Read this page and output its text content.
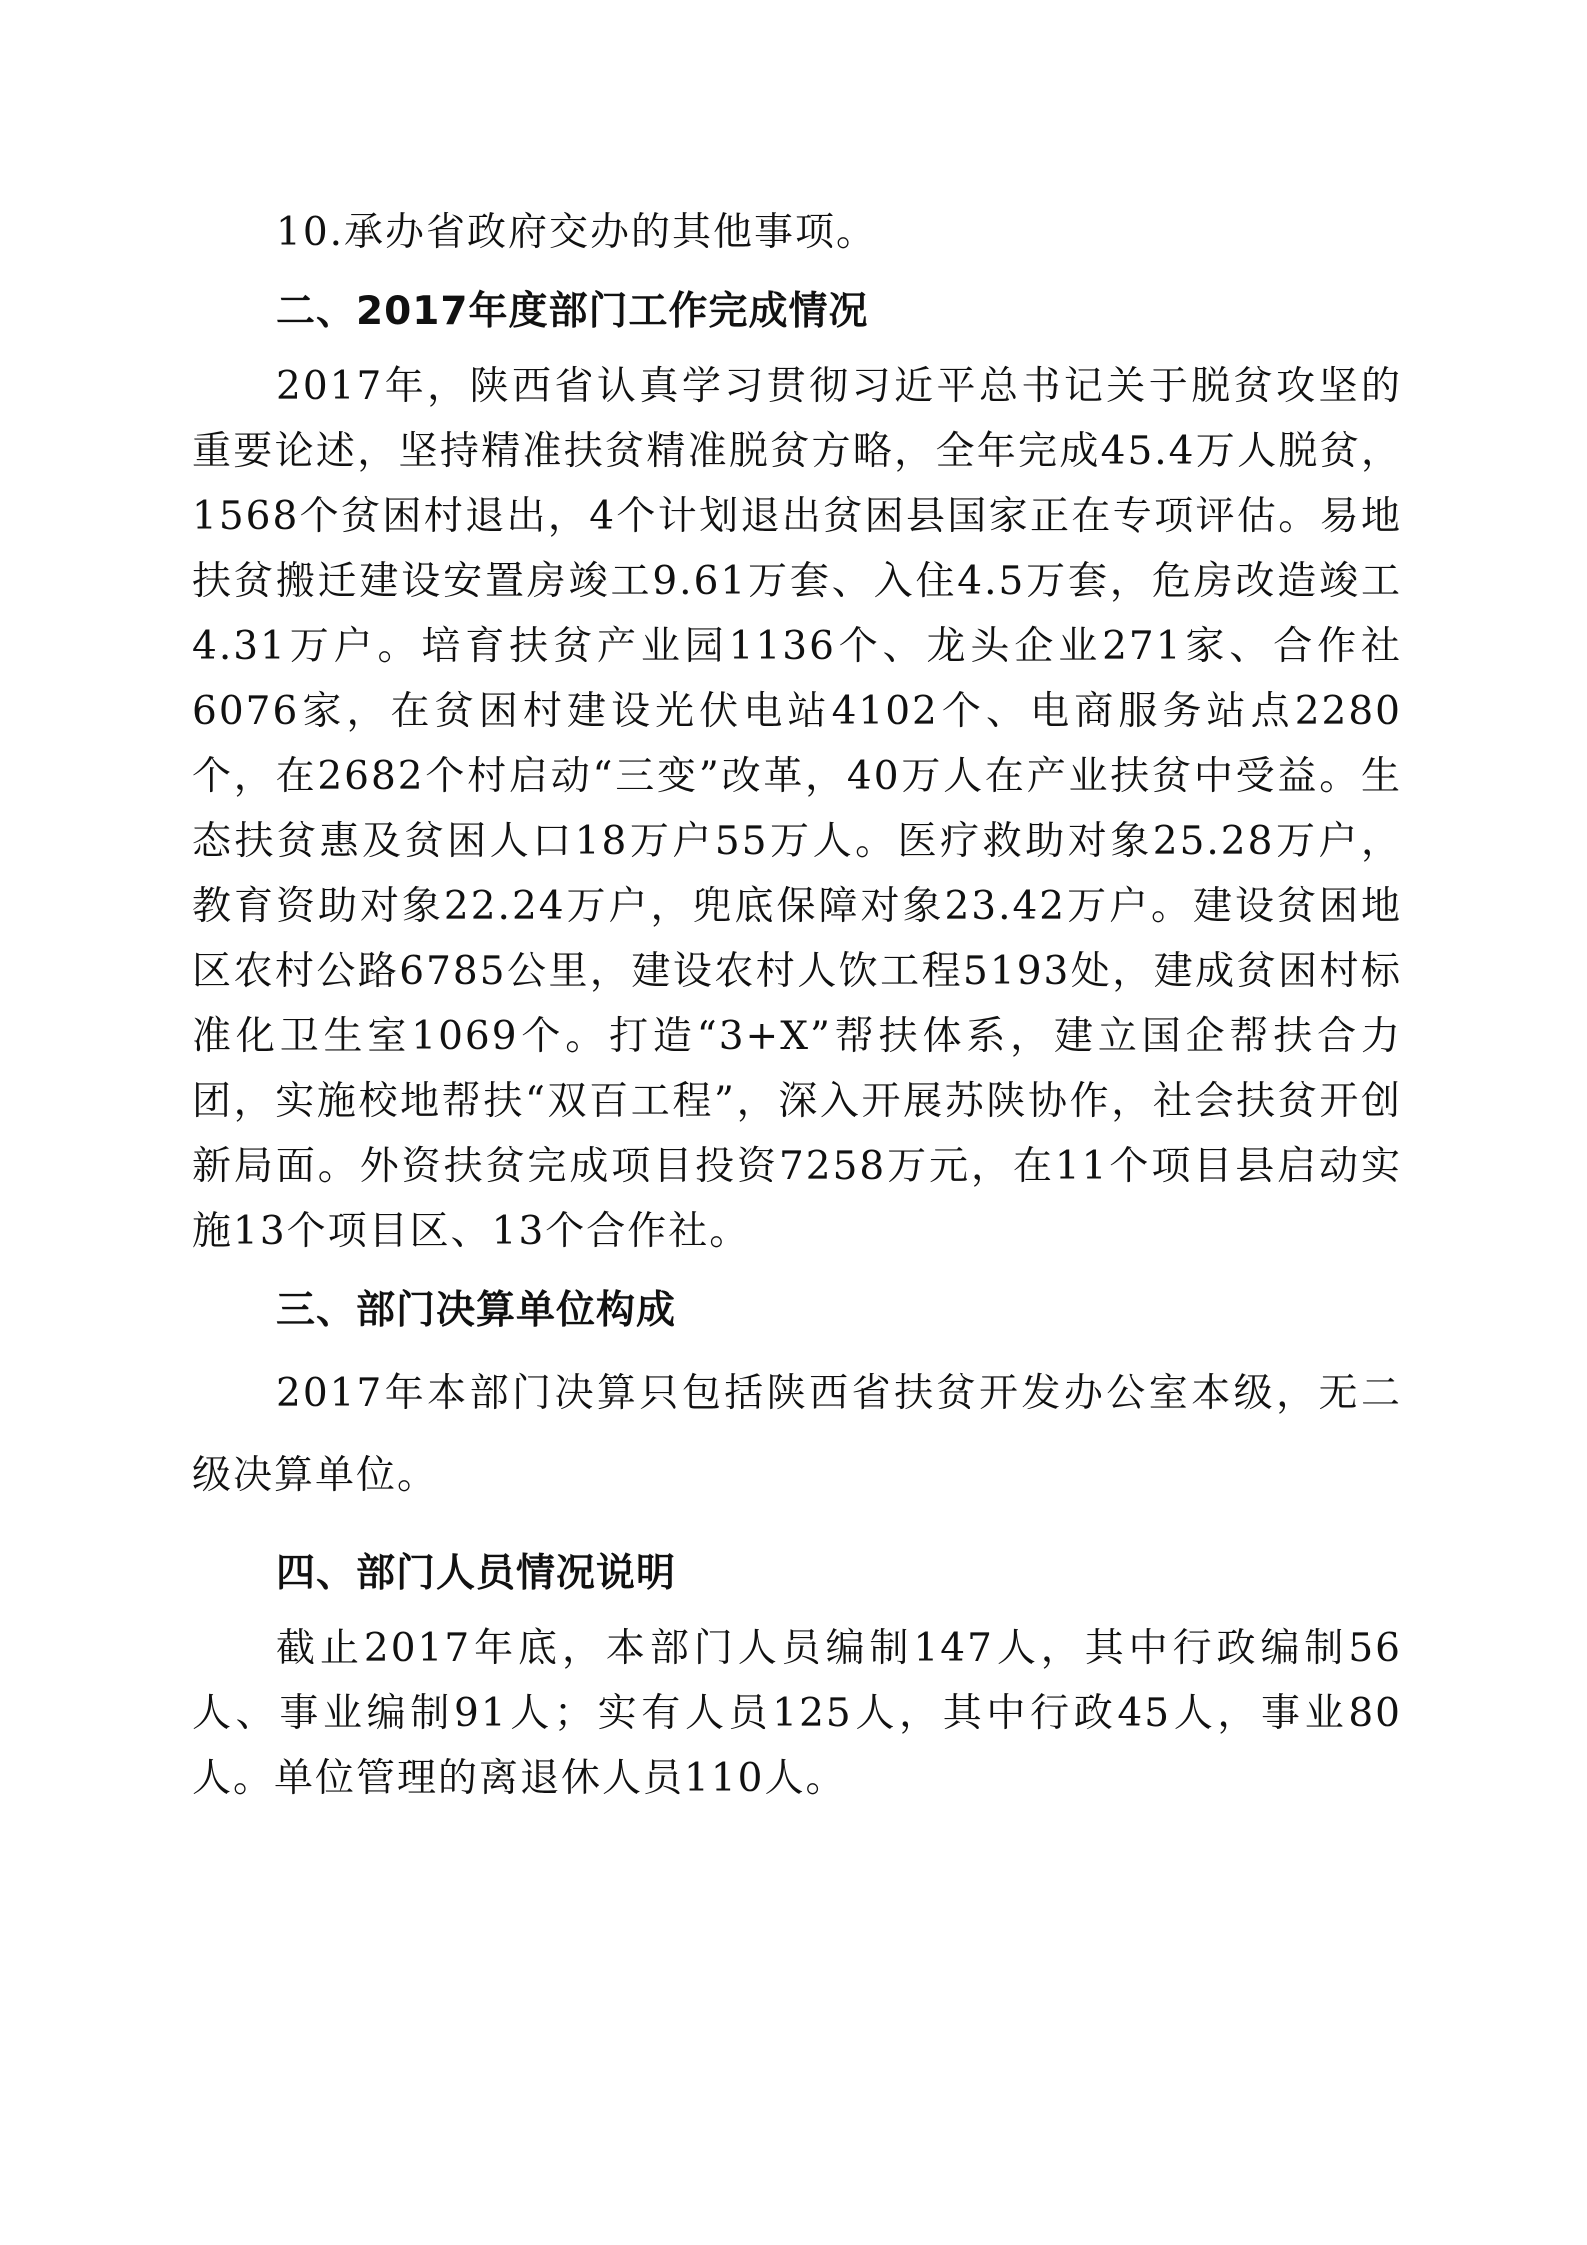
10.承办省政府交办的其他事项。

二、2017年度部门工作完成情况

2017年，陕西省认真学习贯彻习近平总书记关于脱贫攻坚的重要论述，坚持精准扶贫精准脱贫方略，全年完成45.4万人脱贫，1568个贫困村退出，4个计划退出贫困县国家正在专项评估。易地扶贫搬迁建设安置房竣工9.61万套、入住4.5万套，危房改造竣工4.31万户。培育扶贫产业园1136个、龙头企业271家、合作社6076家，在贫困村建设光伏电站4102个、电商服务站点2280个，在2682个村启动“三变”改革，40万人在产业扶贫中受益。生态扶贫惠及贫困人口18万户55万人。医疗救助对象25.28万户，教育资助对象22.24万户，兜底保障对象23.42万户。建设贫困地区农村公路6785公里，建设农村人饮工程5193处，建成贫困村标准化卫生室1069个。打造“3+X”帮扶体系，建立国企帮扶合力团，实施校地帮扶“双百工程”，深入开展苏陕协作，社会扶贫开创新局面。外资扶贫完成项目投资7258万元，在11个项目县启动实施13个项目区、13个合作社。

三、部门决算单位构成

2017年本部门决算只包括陕西省扶贫开发办公室本级，无二级决算单位。

四、部门人员情况说明

截止2017年底，本部门人员编制147人，其中行政编制56人、事业编制91人；实有人员125人，其中行政45人，事业80人。单位管理的离退休人员110人。
